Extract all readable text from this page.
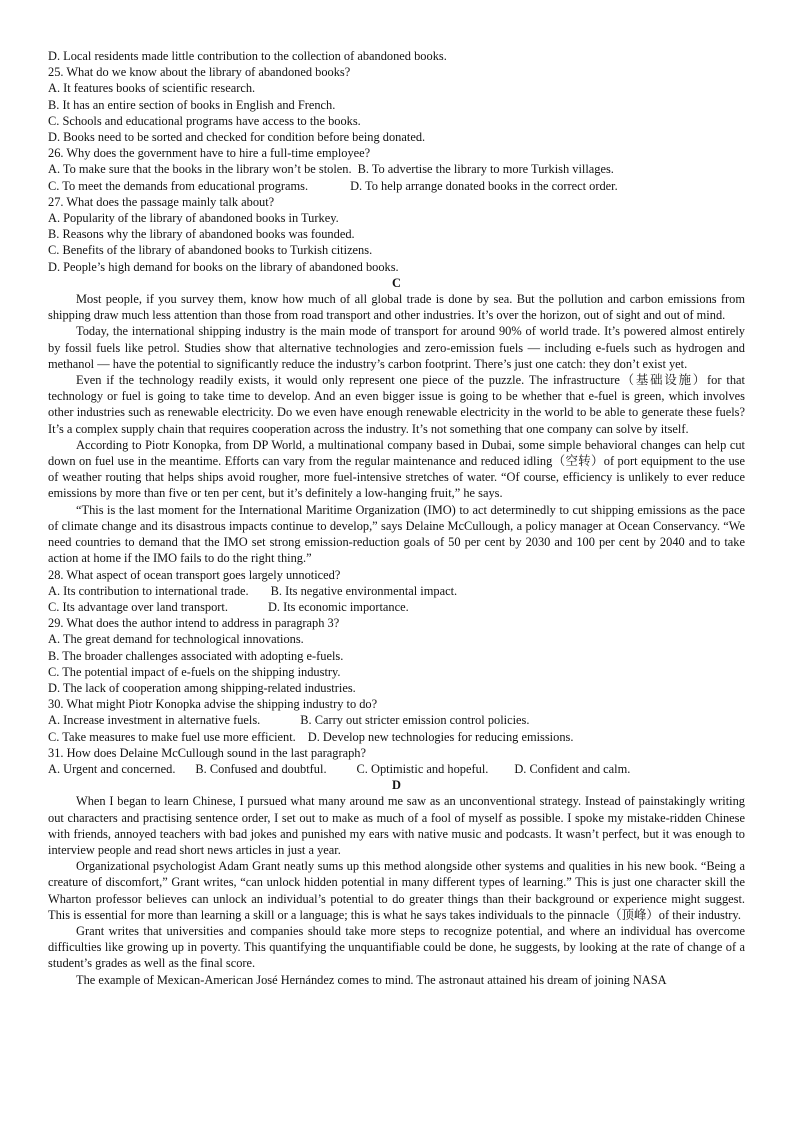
D. Local residents made little contribution to the collection of abandoned books.

25. What do we know about the library of abandoned books?

A. It features books of scientific research.

B. It has an entire section of books in English and French.

C. Schools and educational programs have access to the books.

D. Books need to be sorted and checked for condition before being donated.

26. Why does the government have to hire a full-time employee?

A. To make sure that the books in the library won’t be stolen. B. To advertise the library to more Turkish villages.

C. To meet the demands from educational programs.	D. To help arrange donated books in the correct order.

27. What does the passage mainly talk about?

A. Popularity of the library of abandoned books in Turkey.

B. Reasons why the library of abandoned books was founded.

C. Benefits of the library of abandoned books to Turkish citizens.

D. People’s high demand for books on the library of abandoned books.

C

Most people, if you survey them, know how much of all global trade is done by sea. But the pollution and carbon emissions from shipping draw much less attention than those from road transport and other industries. It’s over the horizon, out of sight and out of mind.

Today, the international shipping industry is the main mode of transport for around 90% of world trade. It’s powered almost entirely by fossil fuels like petrol. Studies show that alternative technologies and zero-emission fuels — including e-fuels such as hydrogen and methanol — have the potential to significantly reduce the industry’s carbon footprint. There’s just one catch: they don’t exist yet.

Even if the technology readily exists, it would only represent one piece of the puzzle. The infrastructure（基础设施）for that technology or fuel is going to take time to develop. And an even bigger issue is going to be whether that e-fuel is green, which involves other industries such as renewable electricity. Do we even have enough renewable electricity in the world to be able to generate these fuels? It’s a complex supply chain that requires cooperation across the industry. It’s not something that one company can solve by itself.

According to Piotr Konopka, from DP World, a multinational company based in Dubai, some simple behavioral changes can help cut down on fuel use in the meantime. Efforts can vary from the regular maintenance and reduced idling（空转）of port equipment to the use of weather routing that helps ships avoid rougher, more fuel-intensive stretches of water. “Of course, efficiency is unlikely to ever reduce emissions by more than five or ten per cent, but it’s definitely a low-hanging fruit,” he says.

“This is the last moment for the International Maritime Organization (IMO) to act determinedly to cut shipping emissions as the pace of climate change and its disastrous impacts continue to develop,” says Delaine McCullough, a policy manager at Ocean Conservancy. “We need countries to demand that the IMO set strong emission-reduction goals of 50 per cent by 2030 and 100 per cent by 2040 and to take action at home if the IMO fails to do the right thing.”

28. What aspect of ocean transport goes largely unnoticed?

A. Its contribution to international trade. B. Its negative environmental impact.

C. Its advantage over land transport.	D. Its economic importance.

29. What does the author intend to address in paragraph 3?

A. The great demand for technological innovations.

B. The broader challenges associated with adopting e-fuels.

C. The potential impact of e-fuels on the shipping industry.

D. The lack of cooperation among shipping-related industries.

30. What might Piotr Konopka advise the shipping industry to do?

A. Increase investment in alternative fuels.	B. Carry out stricter emission control policies.

C. Take measures to make fuel use more efficient. D. Develop new technologies for reducing emissions.

31. How does Delaine McCullough sound in the last paragraph?

A. Urgent and concerned. B. Confused and doubtful. C. Optimistic and hopeful. D. Confident and calm.

D

When I began to learn Chinese, I pursued what many around me saw as an unconventional strategy. Instead of painstakingly writing out characters and practising sentence order, I set out to make as much of a fool of myself as possible. I spoke my mistake-ridden Chinese with friends, annoyed teachers with bad jokes and punished my ears with native music and podcasts. It wasn’t perfect, but it was enough to interview people and read short news articles in just a year.

Organizational psychologist Adam Grant neatly sums up this method alongside other systems and qualities in his new book. “Being a creature of discomfort,” Grant writes, “can unlock hidden potential in many different types of learning.” This is just one character skill the Wharton professor believes can unlock an individual’s potential to do greater things than their background or experience might suggest. This is essential for more than learning a skill or a language; this is what he says takes individuals to the pinnacle（顶峰）of their industry.

Grant writes that universities and companies should take more steps to recognize potential, and where an individual has overcome difficulties like growing up in poverty. This quantifying the unquantifiable could be done, he suggests, by looking at the rate of change of a student’s grades as well as the final score.

The example of Mexican-American José Hernández comes to mind. The astronaut attained his dream of joining NASA
